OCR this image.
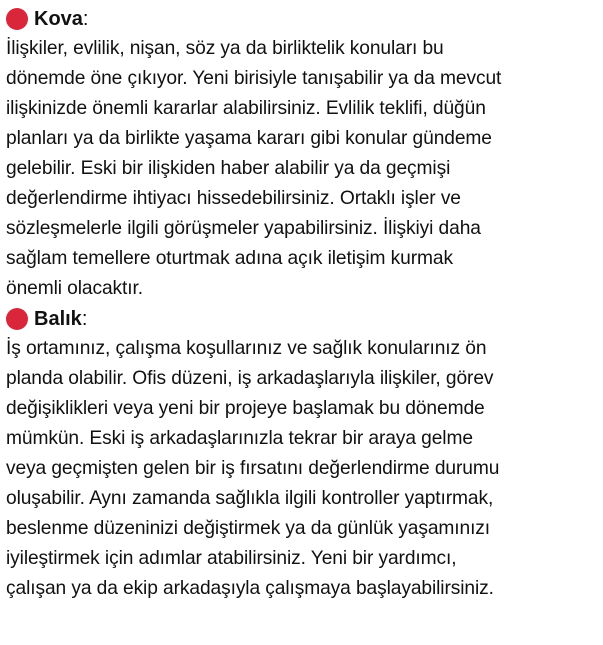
Kova :

İlişkiler, evlilik, nişan, söz ya da birliktelik konuları bu
dönemde öne çıkıyor. Yeni birisiyle tanışabilir ya da mevcut
ilişkinizde önemli kararlar alabilirsiniz. Evlilik teklifi, düğün
planları ya da birlikte yaşama kararı gibi konular gündeme
gelebilir. Eski bir ilişkiden haber alabilir ya da geçmişi
değerlendirme ihtiyacı hissedebilirsiniz. Ortaklı işler ve
sözleşmelerle ilgili görüşmeler yapabilirsiniz. İlişkiyi daha
sağlam temellere oturtmak adına açık iletişim kurmak
önemli olacaktır.

Balık :

İş ortamınız, çalışma koşullarınız ve sağlık konularınız ön
planda olabilir. Ofis düzeni, iş arkadaşlarıyla ilişkiler, görev
değişiklikleri veya yeni bir projeye başlamak bu dönemde
mümkün. Eski iş arkadaşlarınızla tekrar bir araya gelme
veya geçmişten gelen bir iş fırsatını değerlendirme durumu
oluşabilir. Aynı zamanda sağlıkla ilgili kontroller yaptırmak,
beslenme düzeninizi değiştirmek ya da günlük yaşamınızı
iyileştirmek için adımlar atabilirsiniz. Yeni bir yardımcı,
çalışan ya da ekip arkadaşıyla çalışmaya başlayabilirsiniz.
